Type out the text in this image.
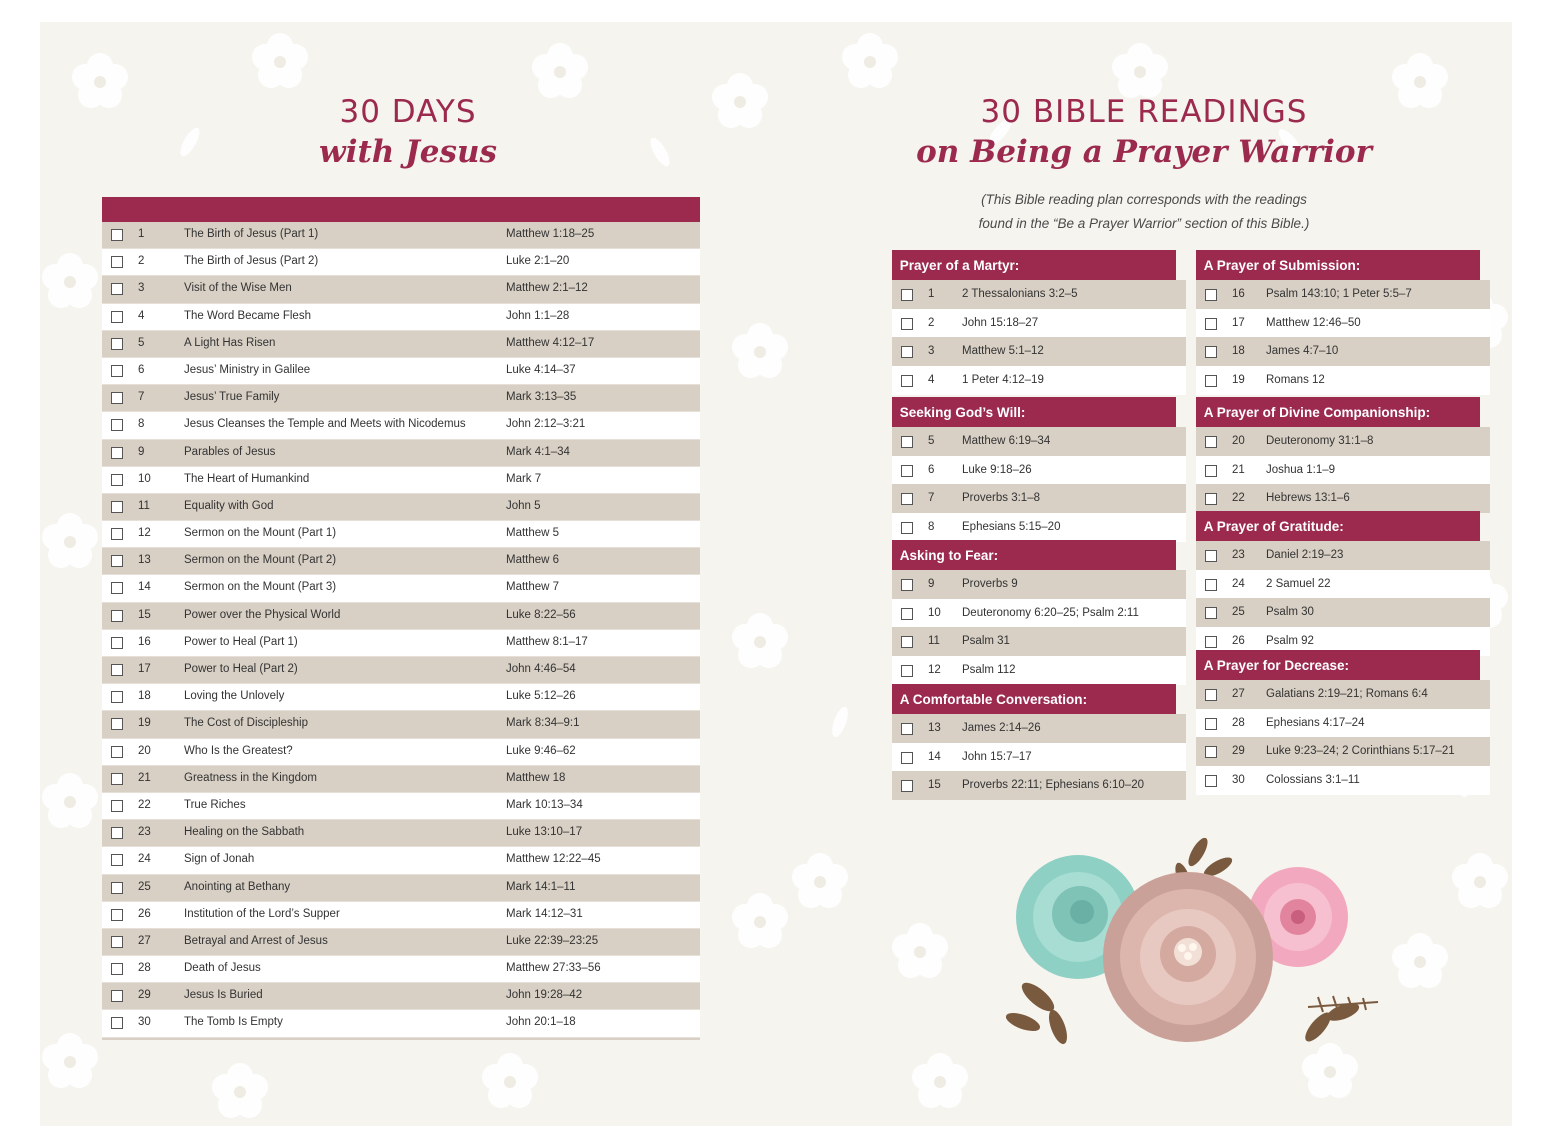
30 DAYS
with Jesus
1	The Birth of Jesus (Part 1)	Matthew 1:18–25
2	The Birth of Jesus (Part 2)	Luke 2:1–20
3	Visit of the Wise Men	Matthew 2:1–12
4	The Word Became Flesh	John 1:1–28
5	A Light Has Risen	Matthew 4:12–17
6	Jesus’ Ministry in Galilee	Luke 4:14–37
7	Jesus’ True Family	Mark 3:13–35
8	Jesus Cleanses the Temple and Meets with Nicodemus	John 2:12–3:21
9	Parables of Jesus	Mark 4:1–34
10	The Heart of Humankind	Mark 7
11	Equality with God	John 5
12	Sermon on the Mount (Part 1)	Matthew 5
13	Sermon on the Mount (Part 2)	Matthew 6
14	Sermon on the Mount (Part 3)	Matthew 7
15	Power over the Physical World	Luke 8:22–56
16	Power to Heal (Part 1)	Matthew 8:1–17
17	Power to Heal (Part 2)	John 4:46–54
18	Loving the Unlovely	Luke 5:12–26
19	The Cost of Discipleship	Mark 8:34–9:1
20	Who Is the Greatest?	Luke 9:46–62
21	Greatness in the Kingdom	Matthew 18
22	True Riches	Mark 10:13–34
23	Healing on the Sabbath	Luke 13:10–17
24	Sign of Jonah	Matthew 12:22–45
25	Anointing at Bethany	Mark 14:1–11
26	Institution of the Lord’s Supper	Mark 14:12–31
27	Betrayal and Arrest of Jesus	Luke 22:39–23:25
28	Death of Jesus	Matthew 27:33–56
29	Jesus Is Buried	John 19:28–42
30	The Tomb Is Empty	John 20:1–18
30 BIBLE READINGS
on Being a Prayer Warrior
(This Bible reading plan corresponds with the readings
found in the “Be a Prayer Warrior” section of this Bible.)
Prayer of a Martyr:
1 2 Thessalonians 3:2–5
2 John 15:18–27
3 Matthew 5:1–12
4 1 Peter 4:12–19
Seeking God’s Will:
5 Matthew 6:19–34
6 Luke 9:18–26
7 Proverbs 3:1–8
8 Ephesians 5:15–20
Asking to Fear:
9 Proverbs 9
10 Deuteronomy 6:20–25; Psalm 2:11
11 Psalm 31
12 Psalm 112
A Comfortable Conversation:
13 James 2:14–26
14 John 15:7–17
15 Proverbs 22:11; Ephesians 6:10–20
A Prayer of Submission:
16 Psalm 143:10; 1 Peter 5:5–7
17 Matthew 12:46–50
18 James 4:7–10
19 Romans 12
A Prayer of Divine Companionship:
20 Deuteronomy 31:1–8
21 Joshua 1:1–9
22 Hebrews 13:1–6
A Prayer of Gratitude:
23 Daniel 2:19–23
24 2 Samuel 22
25 Psalm 30
26 Psalm 92
A Prayer for Decrease:
27 Galatians 2:19–21; Romans 6:4
28 Ephesians 4:17–24
29 Luke 9:23–24; 2 Corinthians 5:17–21
30 Colossians 3:1–11
